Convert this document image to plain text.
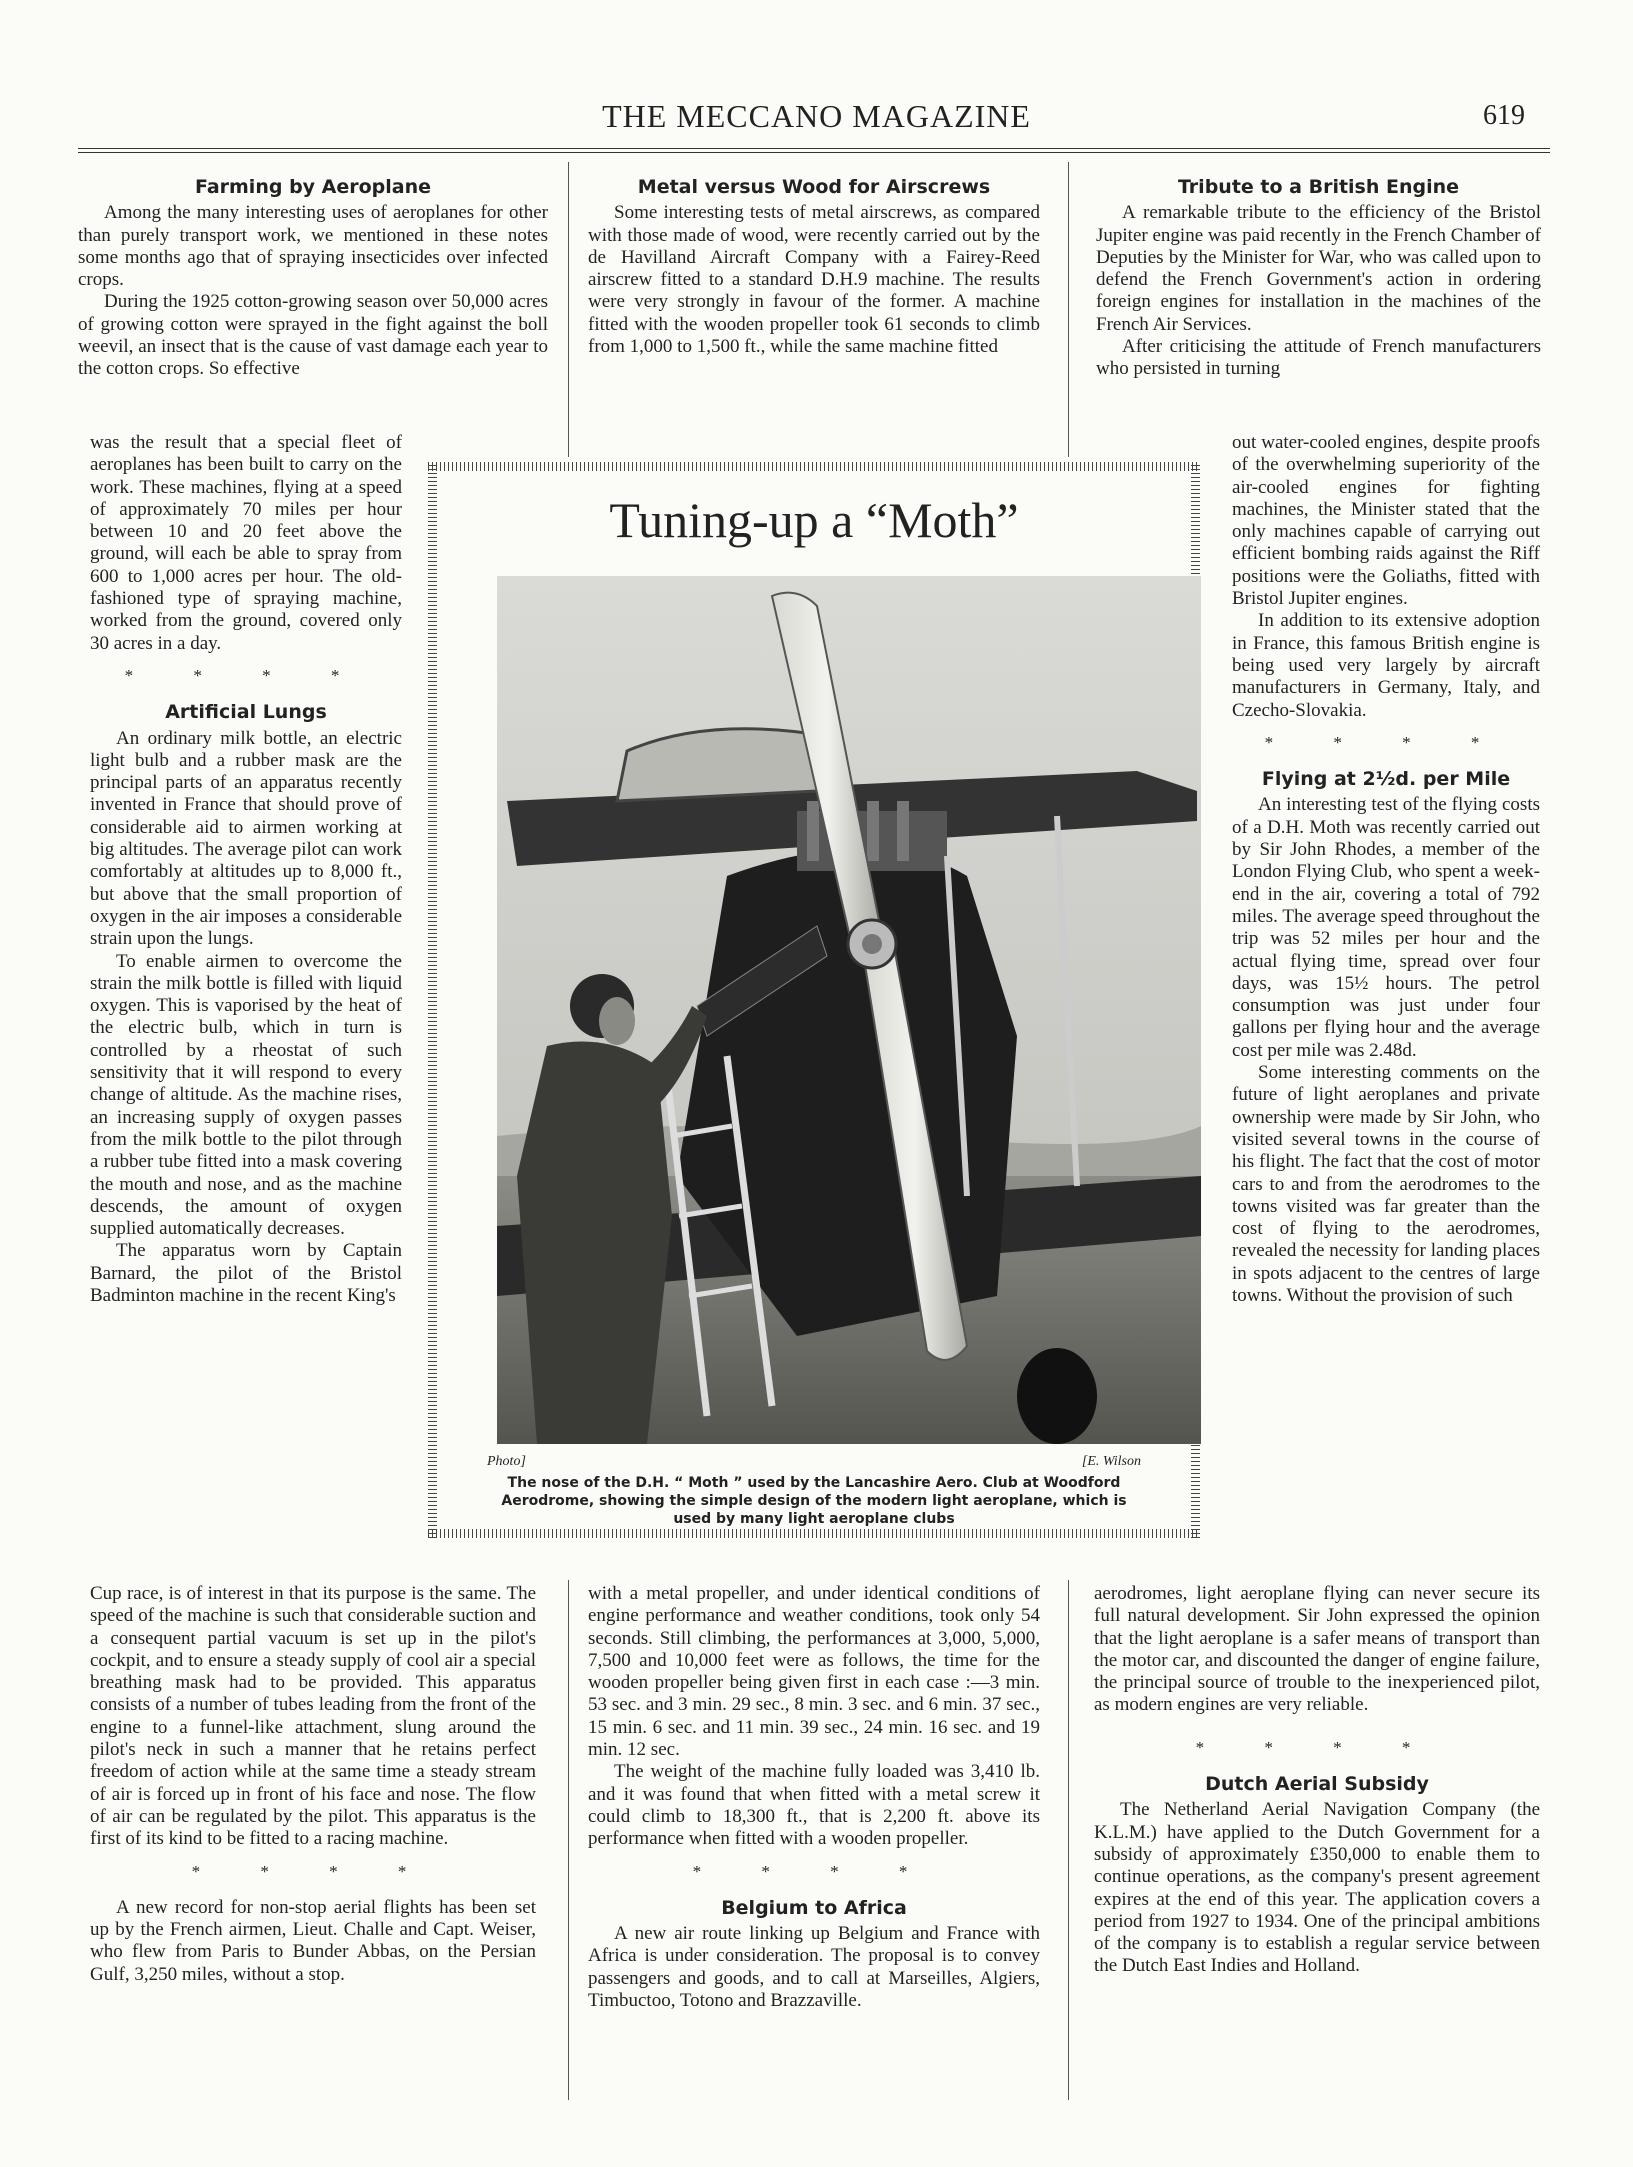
THE MECCANO MAGAZINE	619
Farming by Aeroplane

Among the many interesting uses of aeroplanes for other than purely transport work, we mentioned in these notes some months ago that of spraying insecticides over infected crops.

During the 1925 cotton-growing season over 50,000 acres of growing cotton were sprayed in the fight against the boll weevil, an insect that is the cause of vast damage each year to the cotton crops. So effective

was the result that a special fleet of aeroplanes has been built to carry on the work. These machines, flying at a speed of approximately 70 miles per hour between 10 and 20 feet above the ground, will each be able to spray from 600 to 1,000 acres per hour. The old-fashioned type of spraying machine, worked from the ground, covered only 30 acres in a day.

* * * *
Artificial Lungs

An ordinary milk bottle, an electric light bulb and a rubber mask are the principal parts of an apparatus recently invented in France that should prove of considerable aid to airmen working at big altitudes. The average pilot can work comfortably at altitudes up to 8,000 ft., but above that the small proportion of oxygen in the air imposes a considerable strain upon the lungs.

To enable airmen to overcome the strain the milk bottle is filled with liquid oxygen. This is vaporised by the heat of the electric bulb, which in turn is controlled by a rheostat of such sensitivity that it will respond to every change of altitude. As the machine rises, an increasing supply of oxygen passes from the milk bottle to the pilot through a rubber tube fitted into a mask covering the mouth and nose, and as the machine descends, the amount of oxygen supplied automatically decreases.

The apparatus worn by Captain Barnard, the pilot of the Bristol Badminton machine in the recent King's

Cup race, is of interest in that its purpose is the same. The speed of the machine is such that considerable suction and a consequent partial vacuum is set up in the pilot's cockpit, and to ensure a steady supply of cool air a special breathing mask had to be provided. This apparatus consists of a number of tubes leading from the front of the engine to a funnel-like attachment, slung around the pilot's neck in such a manner that he retains perfect freedom of action while at the same time a steady stream of air is forced up in front of his face and nose. The flow of air can be regulated by the pilot. This apparatus is the first of its kind to be fitted to a racing machine.

* * * *

A new record for non-stop aerial flights has been set up by the French airmen, Lieut. Challe and Capt. Weiser, who flew from Paris to Bunder Abbas, on the Persian Gulf, 3,250 miles, without a stop.

Metal versus Wood for Airscrews

Some interesting tests of metal airscrews, as compared with those made of wood, were recently carried out by the de Havilland Aircraft Company with a Fairey-Reed airscrew fitted to a standard D.H.9 machine. The results were very strongly in favour of the former. A machine fitted with the wooden propeller took 61 seconds to climb from 1,000 to 1,500 ft., while the same machine fitted

with a metal propeller, and under identical conditions of engine performance and weather conditions, took only 54 seconds. Still climbing, the performances at 3,000, 5,000, 7,500 and 10,000 feet were as follows, the time for the wooden propeller being given first in each case :—3 min. 53 sec. and 3 min. 29 sec., 8 min. 3 sec. and 6 min. 37 sec., 15 min. 6 sec. and 11 min. 39 sec., 24 min. 16 sec. and 19 min. 12 sec.

The weight of the machine fully loaded was 3,410 lb. and it was found that when fitted with a metal screw it could climb to 18,300 ft., that is 2,200 ft. above its performance when fitted with a wooden propeller.

* * * *
Belgium to Africa

A new air route linking up Belgium and France with Africa is under consideration. The proposal is to convey passengers and goods, and to call at Marseilles, Algiers, Timbuctoo, Totono and Brazzaville.

Tuning-up a “Moth”
Photo]	[E. Wilson
The nose of the D.H. “ Moth ” used by the Lancashire Aero. Club at Woodford Aerodrome, showing the simple design of the modern light aeroplane, which is used by many light aeroplane clubs
Tribute to a British Engine

A remarkable tribute to the efficiency of the Bristol Jupiter engine was paid recently in the French Chamber of Deputies by the Minister for War, who was called upon to defend the French Government's action in ordering foreign engines for installation in the machines of the French Air Services.

After criticising the attitude of French manufacturers who persisted in turning

out water-cooled engines, despite proofs of the overwhelming superiority of the air-cooled engines for fighting machines, the Minister stated that the only machines capable of carrying out efficient bombing raids against the Riff positions were the Goliaths, fitted with Bristol Jupiter engines.

In addition to its extensive adoption in France, this famous British engine is being used very largely by aircraft manufacturers in Germany, Italy, and Czecho-Slovakia.

* * * *
Flying at 2½d. per Mile

An interesting test of the flying costs of a D.H. Moth was recently carried out by Sir John Rhodes, a member of the London Flying Club, who spent a week-end in the air, covering a total of 792 miles. The average speed throughout the trip was 52 miles per hour and the actual flying time, spread over four days, was 15½ hours. The petrol consumption was just under four gallons per flying hour and the average cost per mile was 2.48d.

Some interesting comments on the future of light aeroplanes and private ownership were made by Sir John, who visited several towns in the course of his flight. The fact that the cost of motor cars to and from the aerodromes to the towns visited was far greater than the cost of flying to the aerodromes, revealed the necessity for landing places in spots adjacent to the centres of large towns. Without the provision of such

aerodromes, light aeroplane flying can never secure its full natural development. Sir John expressed the opinion that the light aeroplane is a safer means of transport than the motor car, and discounted the danger of engine failure, the principal source of trouble to the inexperienced pilot, as modern engines are very reliable.

* * * *
Dutch Aerial Subsidy

The Netherland Aerial Navigation Company (the K.L.M.) have applied to the Dutch Government for a subsidy of approximately £350,000 to enable them to continue operations, as the company's present agreement expires at the end of this year. The application covers a period from 1927 to 1934. One of the principal ambitions of the company is to establish a regular service between the Dutch East Indies and Holland.
